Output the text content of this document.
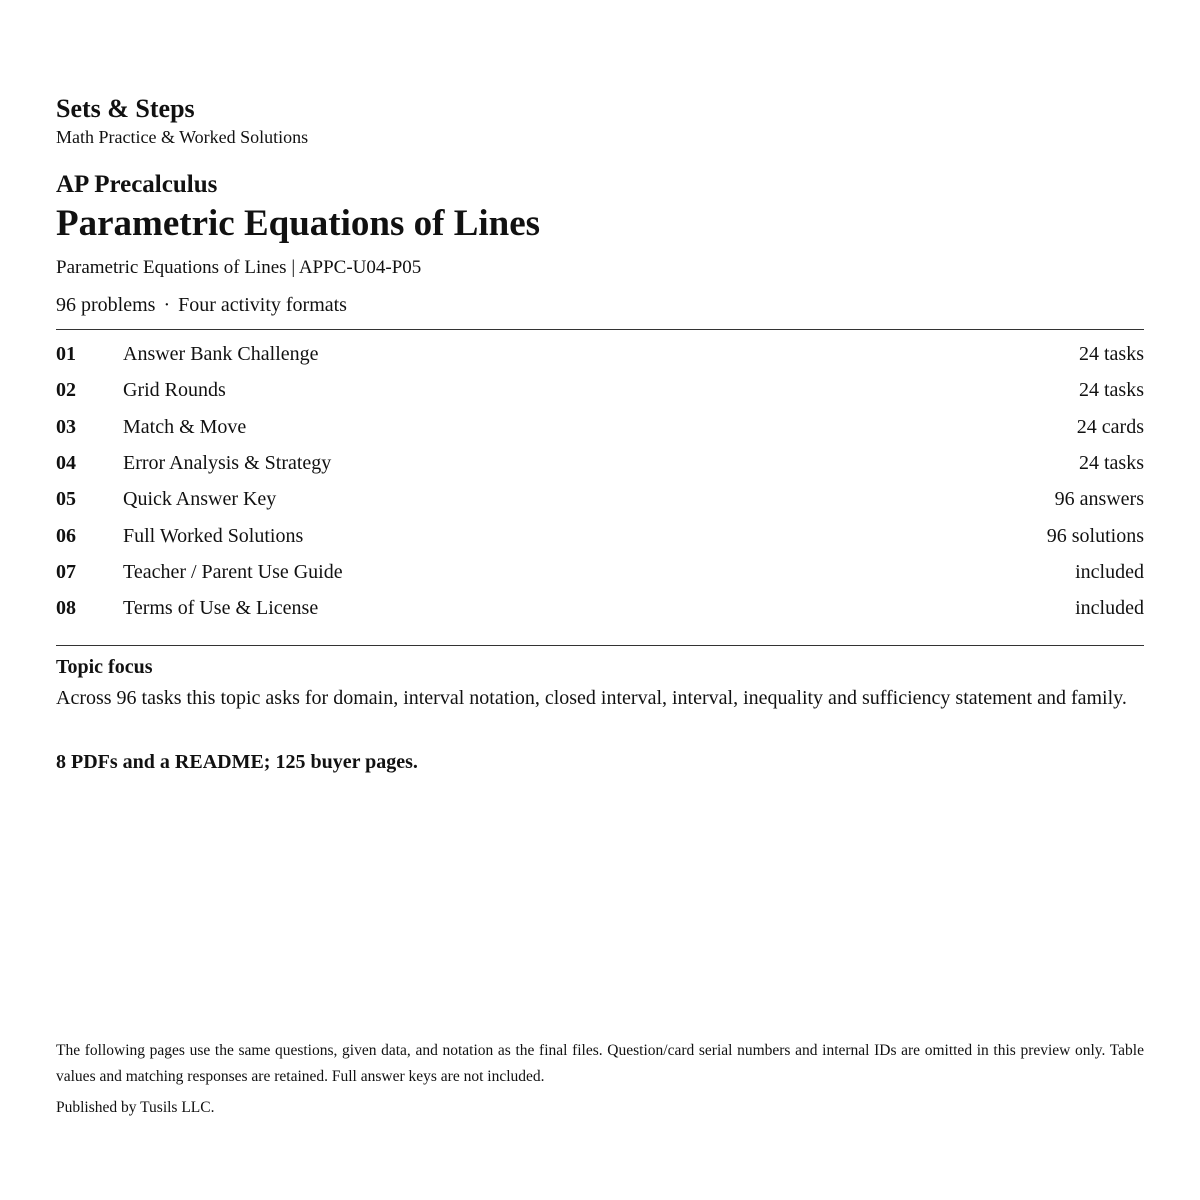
Sets & Steps
Math Practice & Worked Solutions
AP Precalculus
Parametric Equations of Lines
Parametric Equations of Lines | APPC-U04-P05
96 problems · Four activity formats
01	Answer Bank Challenge	24 tasks
02	Grid Rounds	24 tasks
03	Match & Move	24 cards
04	Error Analysis & Strategy	24 tasks
05	Quick Answer Key	96 answers
06	Full Worked Solutions	96 solutions
07	Teacher / Parent Use Guide	included
08	Terms of Use & License	included
Topic focus
Across 96 tasks this topic asks for domain, interval notation, closed interval, interval, inequality and sufficiency statement and family.
8 PDFs and a README; 125 buyer pages.
The following pages use the same questions, given data, and notation as the final files. Question/card serial numbers and internal IDs are omitted in this preview only. Table values and matching responses are retained. Full answer keys are not included.
Published by Tusils LLC.
